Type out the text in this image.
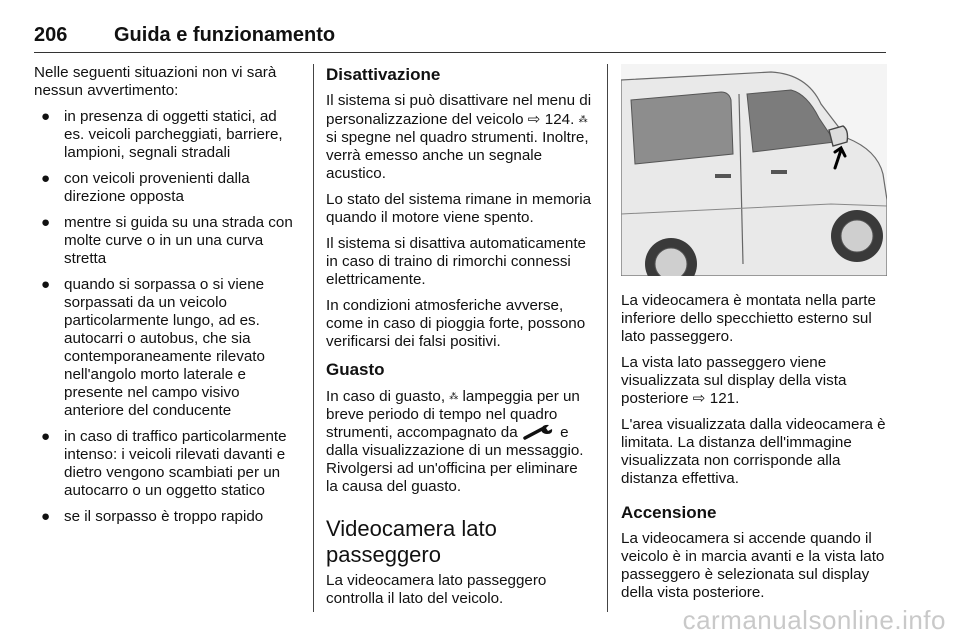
206 Guida e funzionamento

Nelle seguenti situazioni non vi sarà nessun avvertimento:

● in presenza di oggetti statici, ad es. veicoli parcheggiati, barriere, lampioni, segnali stradali
● con veicoli provenienti dalla direzione opposta
● mentre si guida su una strada con molte curve o in un una curva stretta
● quando si sorpassa o si viene sorpassati da un veicolo particolarmente lungo, ad es. autocarri o autobus, che sia contemporaneamente rilevato nell'angolo morto laterale e presente nel campo visivo anteriore del conducente
● in caso di traffico particolarmente intenso: i veicoli rilevati davanti e dietro vengono scambiati per un autocarro o un oggetto statico
● se il sorpasso è troppo rapido
Disattivazione

Il sistema si può disattivare nel menu di personalizzazione del veicolo ⇨ 124. ⁂ si spegne nel quadro strumenti. Inoltre, verrà emesso anche un segnale acustico.

Lo stato del sistema rimane in memoria quando il motore viene spento.

Il sistema si disattiva automaticamente in caso di traino di rimorchi connessi elettricamente.

In condizioni atmosferiche avverse, come in caso di pioggia forte, possono verificarsi dei falsi positivi.

Guasto

In caso di guasto, ⁂ lampeggia per un breve periodo di tempo nel quadro strumenti, accompagnato da	e dalla visualizzazione di un messaggio. Rivolgersi ad un'officina per eliminare la causa del guasto.

Videocamera lato passeggero

La videocamera lato passeggero controlla il lato del veicolo.

La videocamera è montata nella parte inferiore dello specchietto esterno sul lato passeggero.

La vista lato passeggero viene visualizzata sul display della vista posteriore ⇨ 121.

L'area visualizzata dalla videocamera è limitata. La distanza dell'immagine visualizzata non corrisponde alla distanza effettiva.

Accensione

La videocamera si accende quando il veicolo è in marcia avanti e la vista lato passeggero è selezionata sul display della vista posteriore.

carmanualsonline.info
